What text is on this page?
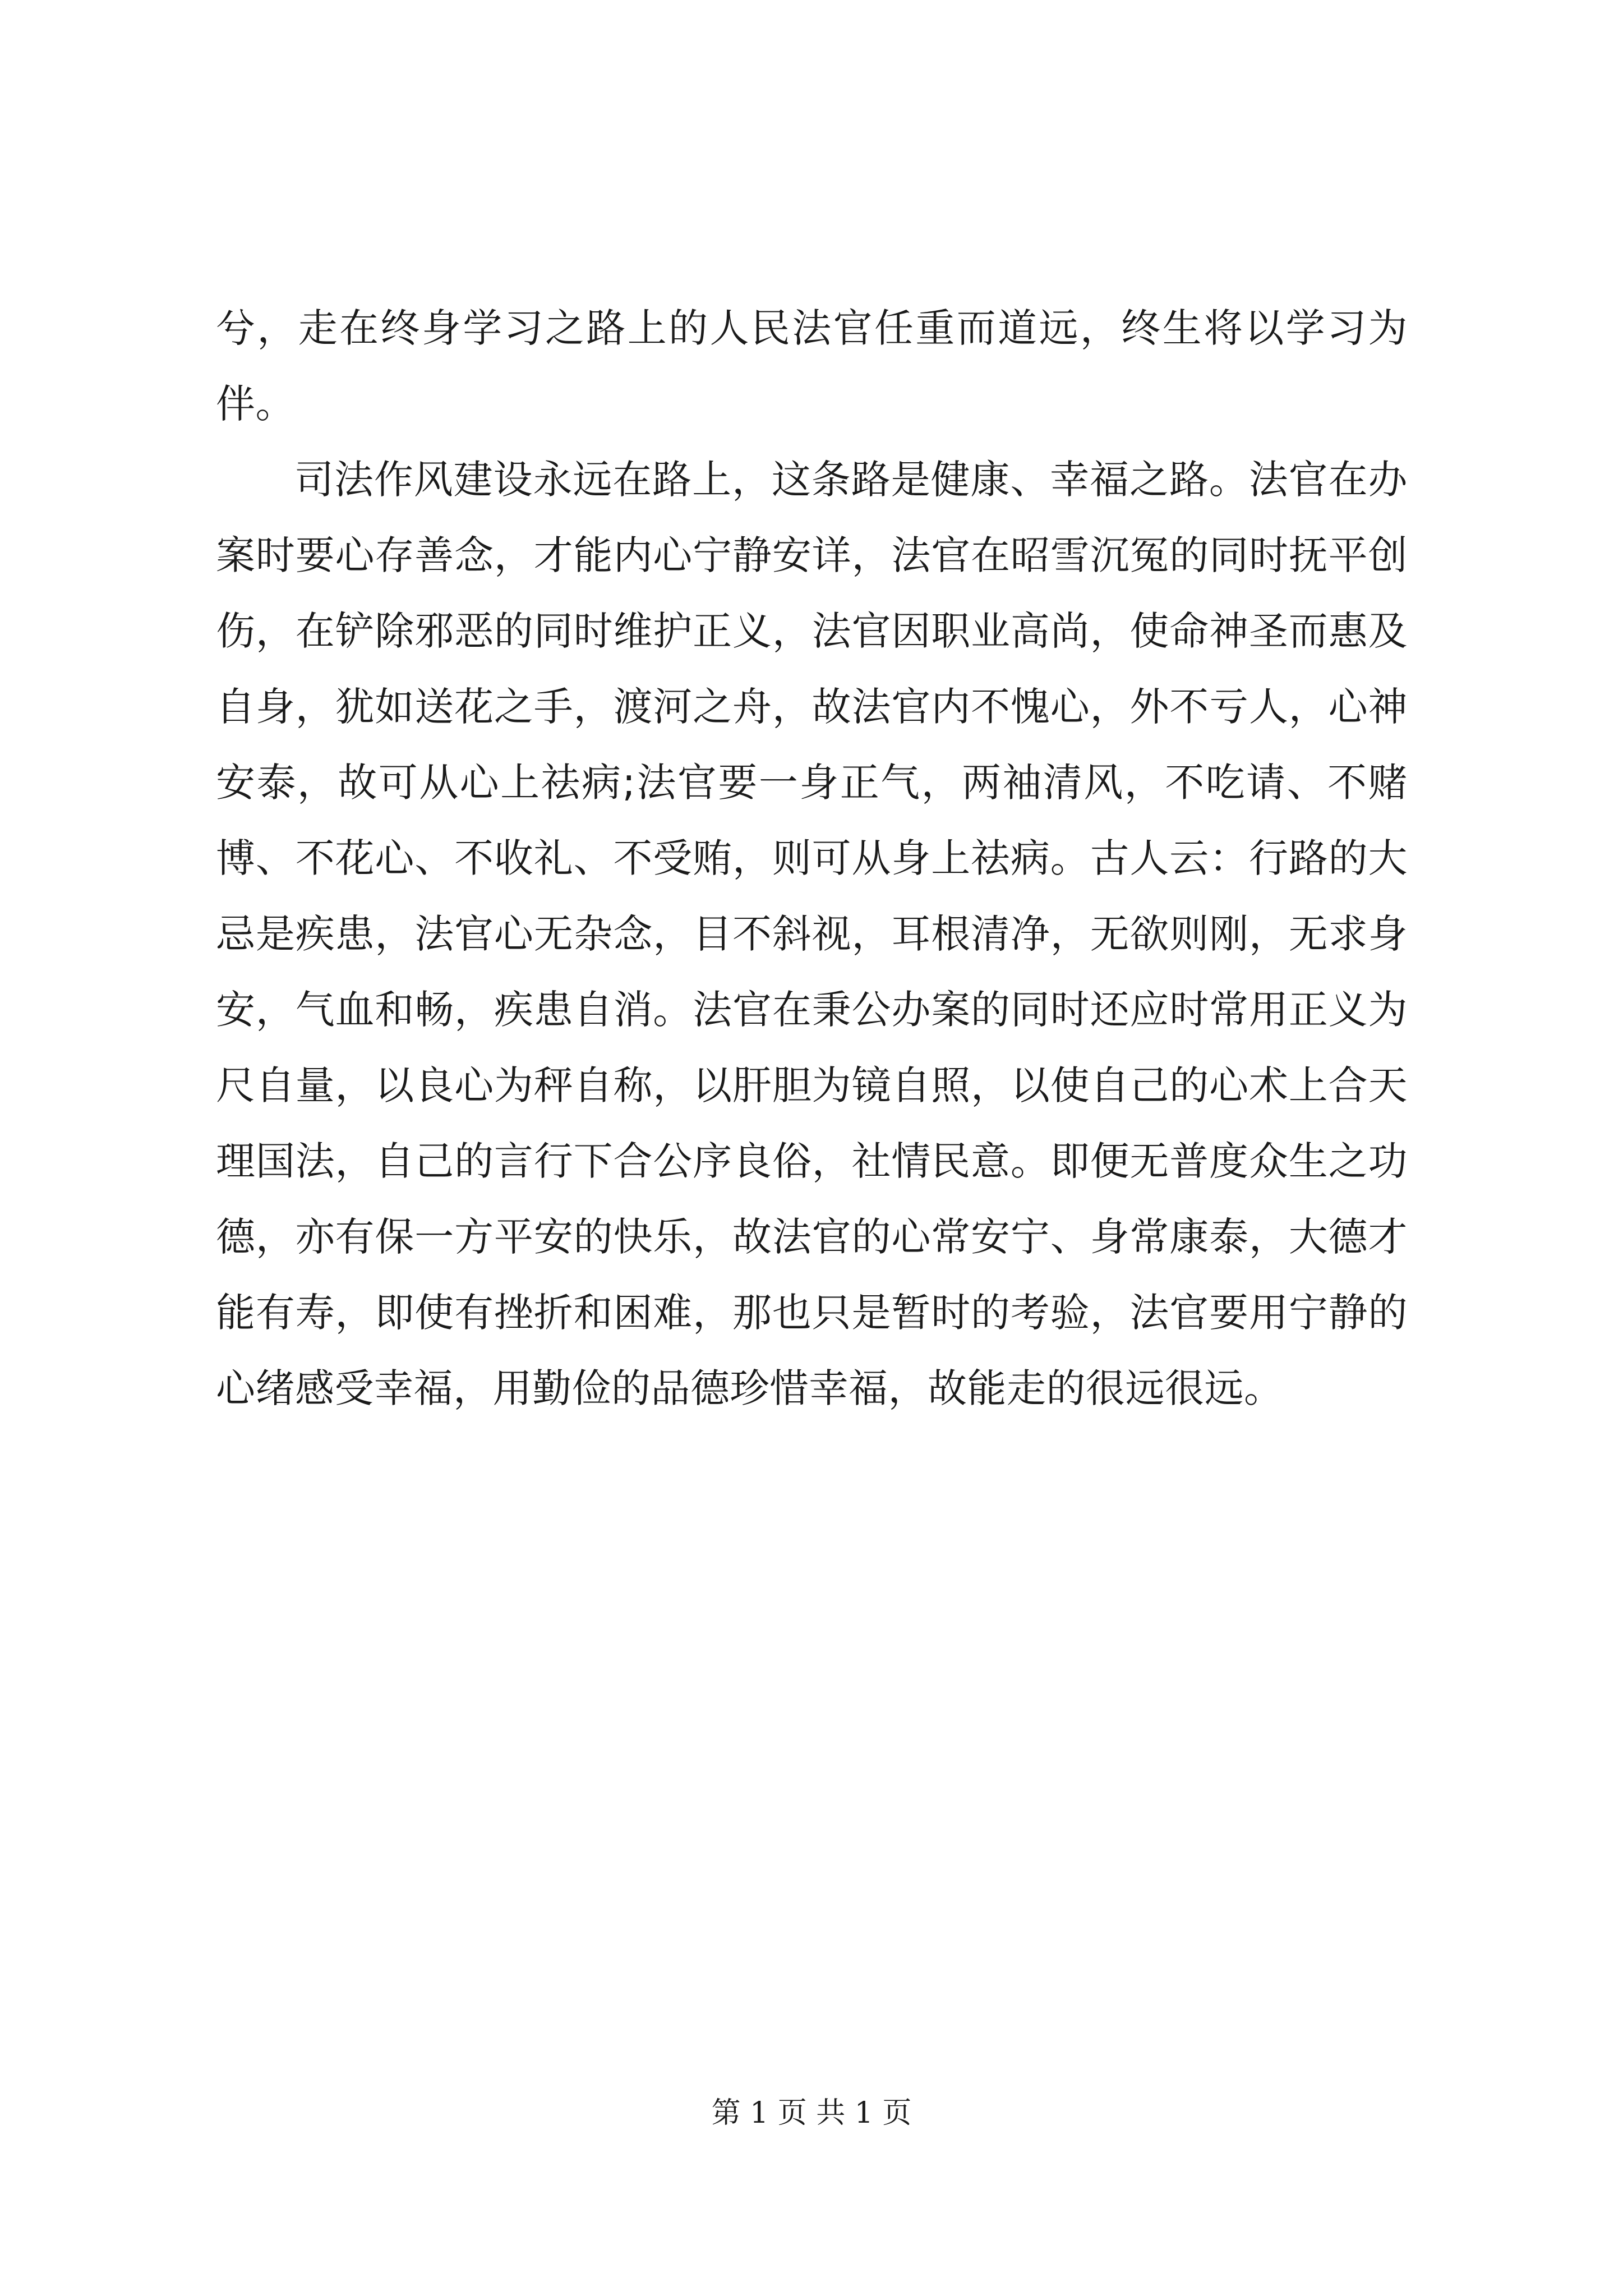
兮，走在终身学习之路上的人民法官任重而道远，终生将以学习为伴。

司法作风建设永远在路上，这条路是健康、幸福之路。法官在办案时要心存善念，才能内心宁静安详，法官在昭雪沉冤的同时抚平创伤，在铲除邪恶的同时维护正义，法官因职业高尚，使命神圣而惠及自身，犹如送花之手，渡河之舟，故法官内不愧心，外不亏人，心神安泰，故可从心上祛病;法官要一身正气，两袖清风，不吃请、不赌博、不花心、不收礼、不受贿，则可从身上祛病。古人云：行路的大忌是疾患，法官心无杂念，目不斜视，耳根清净，无欲则刚，无求身安，气血和畅，疾患自消。法官在秉公办案的同时还应时常用正义为尺自量，以良心为秤自称，以肝胆为镜自照，以使自己的心术上合天理国法，自己的言行下合公序良俗，社情民意。即便无普度众生之功德，亦有保一方平安的快乐，故法官的心常安宁、身常康泰，大德才能有寿，即使有挫折和困难，那也只是暂时的考验，法官要用宁静的心绪感受幸福，用勤俭的品德珍惜幸福，故能走的很远很远。

第 1 页 共 1 页
